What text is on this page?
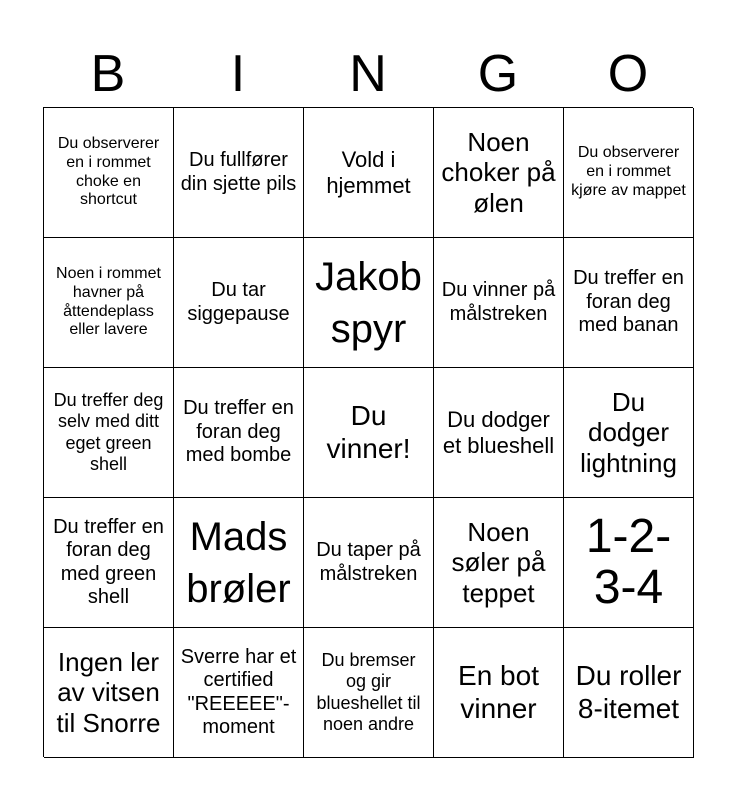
B	I	N	G	O
Du observerer en i rommet choke en shortcut
Du fullfører din sjette pils
Vold i hjemmet
Noen choker på ølen
Du observerer en i rommet kjøre av mappet
Noen i rommet havner på åttendeplass eller lavere
Du tar siggepause
Jakob spyr
Du vinner på målstreken
Du treffer en foran deg med banan
Du treffer deg selv med ditt eget green shell
Du treffer en foran deg med bombe
Du vinner!
Du dodger et blueshell
Du dodger lightning
Du treffer en foran deg med green shell
Mads brøler
Du taper på målstreken
Noen søler på teppet
1-2-3-4
Ingen ler av vitsen til Snorre
Sverre har et certified "REEEEE"-moment
Du bremser og gir blueshellet til noen andre
En bot vinner
Du roller 8-itemet
